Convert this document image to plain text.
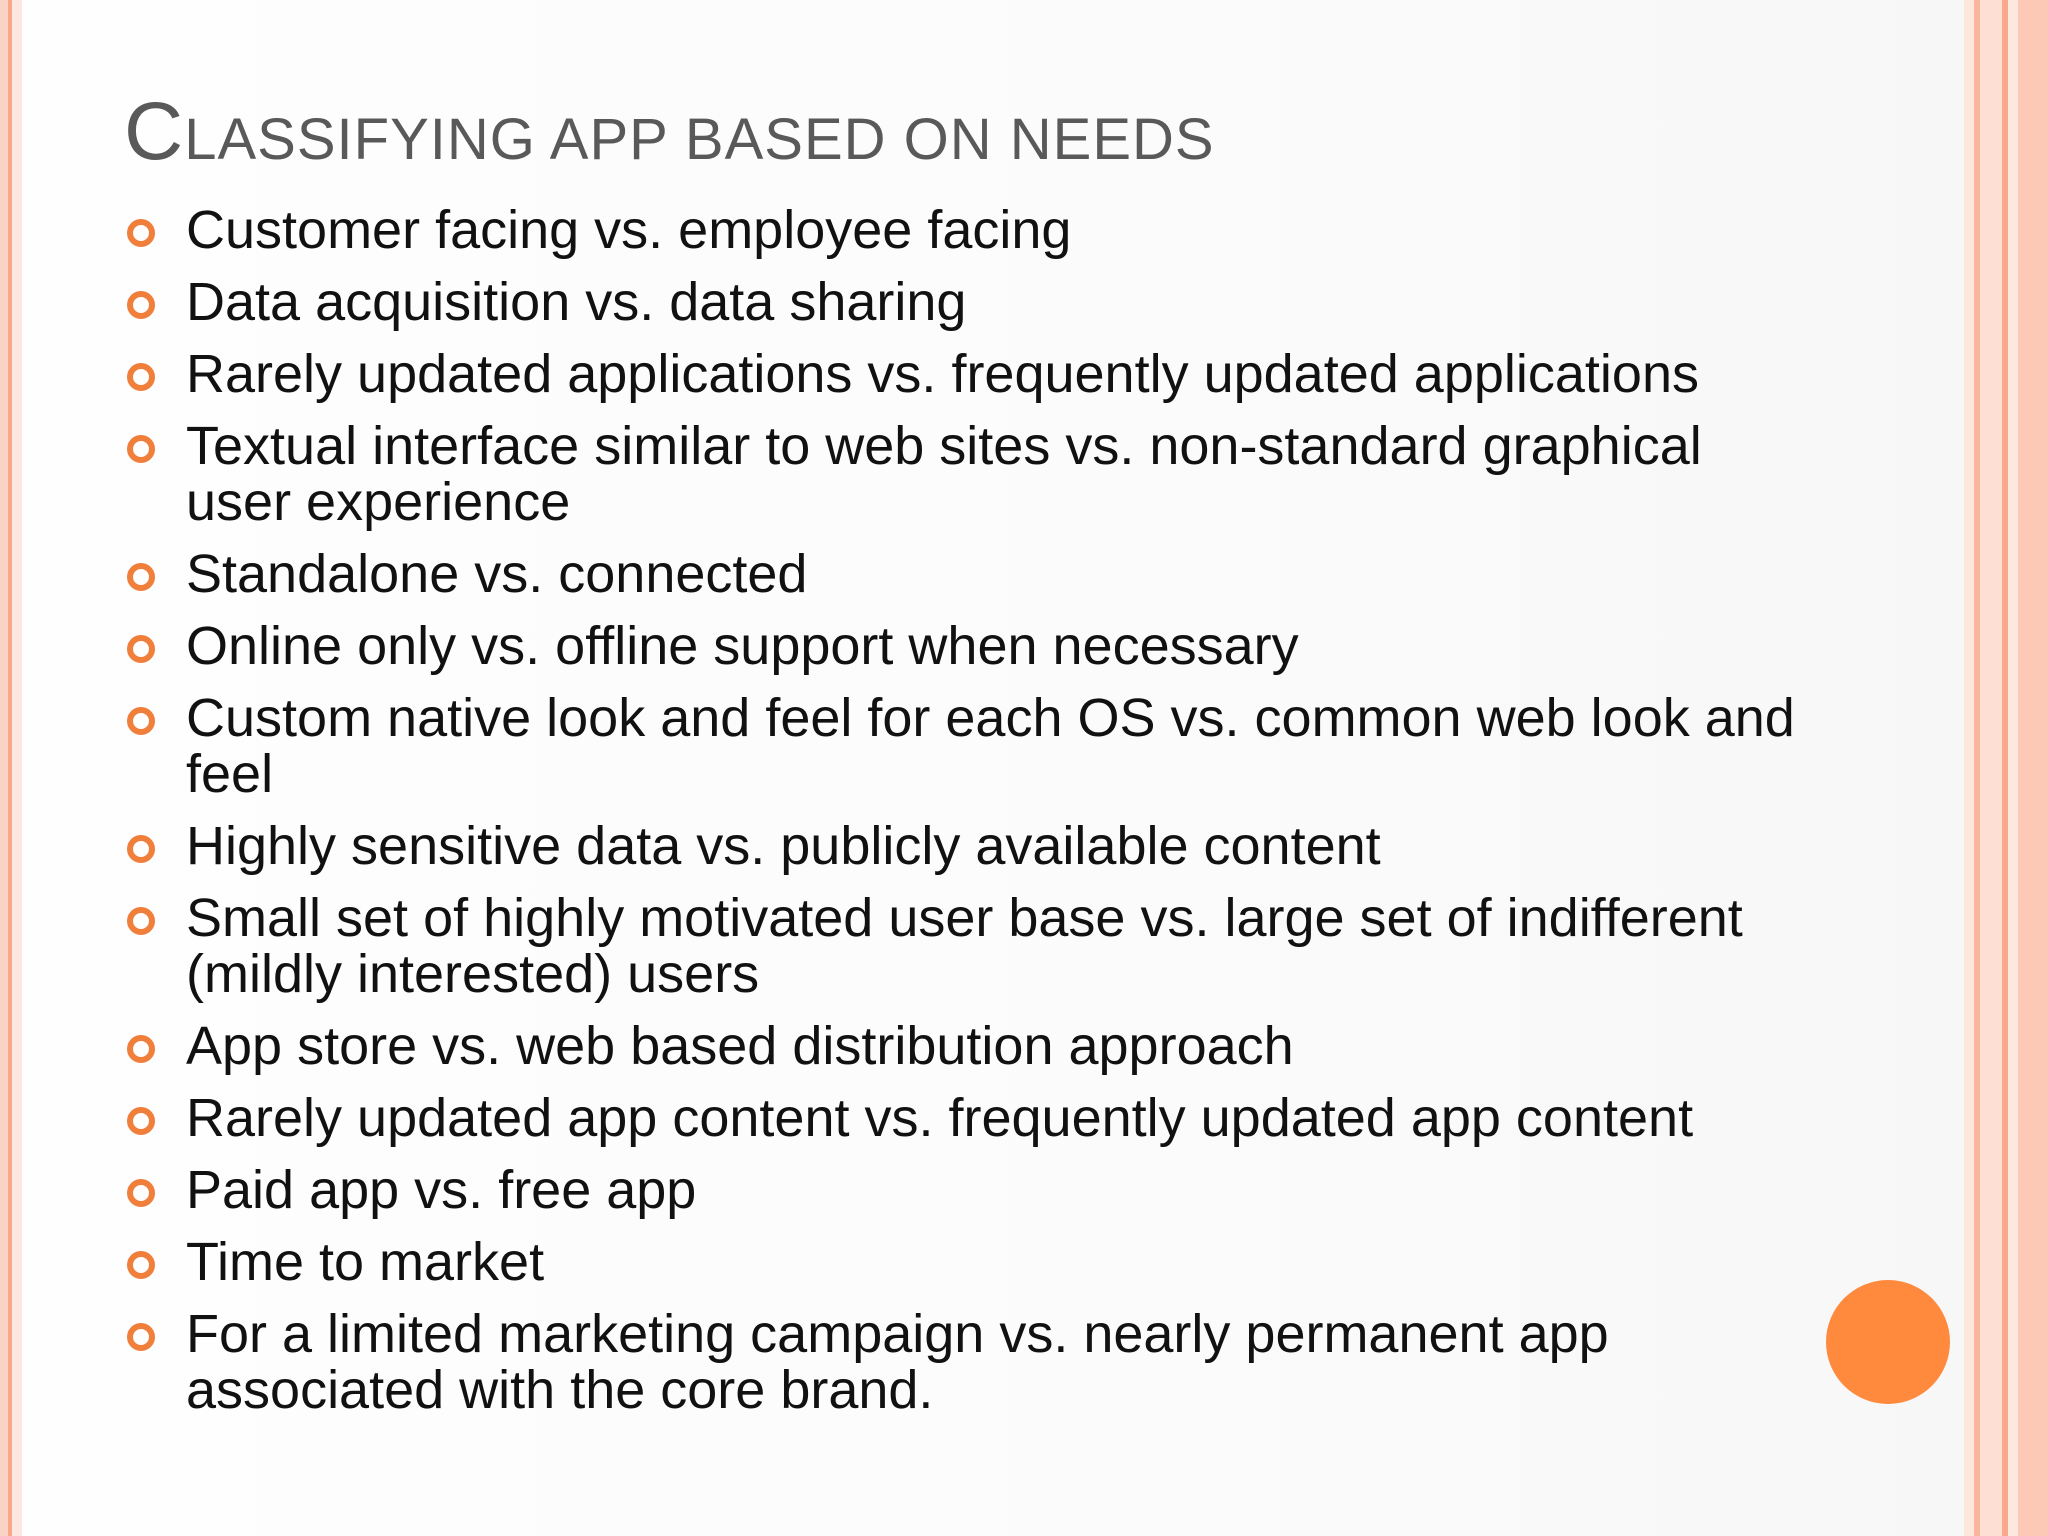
CLASSIFYING APP BASED ON NEEDS
Customer facing vs. employee facing
Data acquisition vs. data sharing
Rarely updated applications vs. frequently updated applications
Textual interface similar to web sites vs. non-standard graphical user experience
Standalone vs. connected
Online only vs. offline support when necessary
Custom native look and feel for each OS vs. common web look and feel
Highly sensitive data vs. publicly available content
Small set of highly motivated user base vs. large set of indifferent (mildly interested) users
App store vs. web based distribution approach
Rarely updated app content vs. frequently updated app content
Paid app vs. free app
Time to market
For a limited marketing campaign vs. nearly permanent app associated with the core brand.
